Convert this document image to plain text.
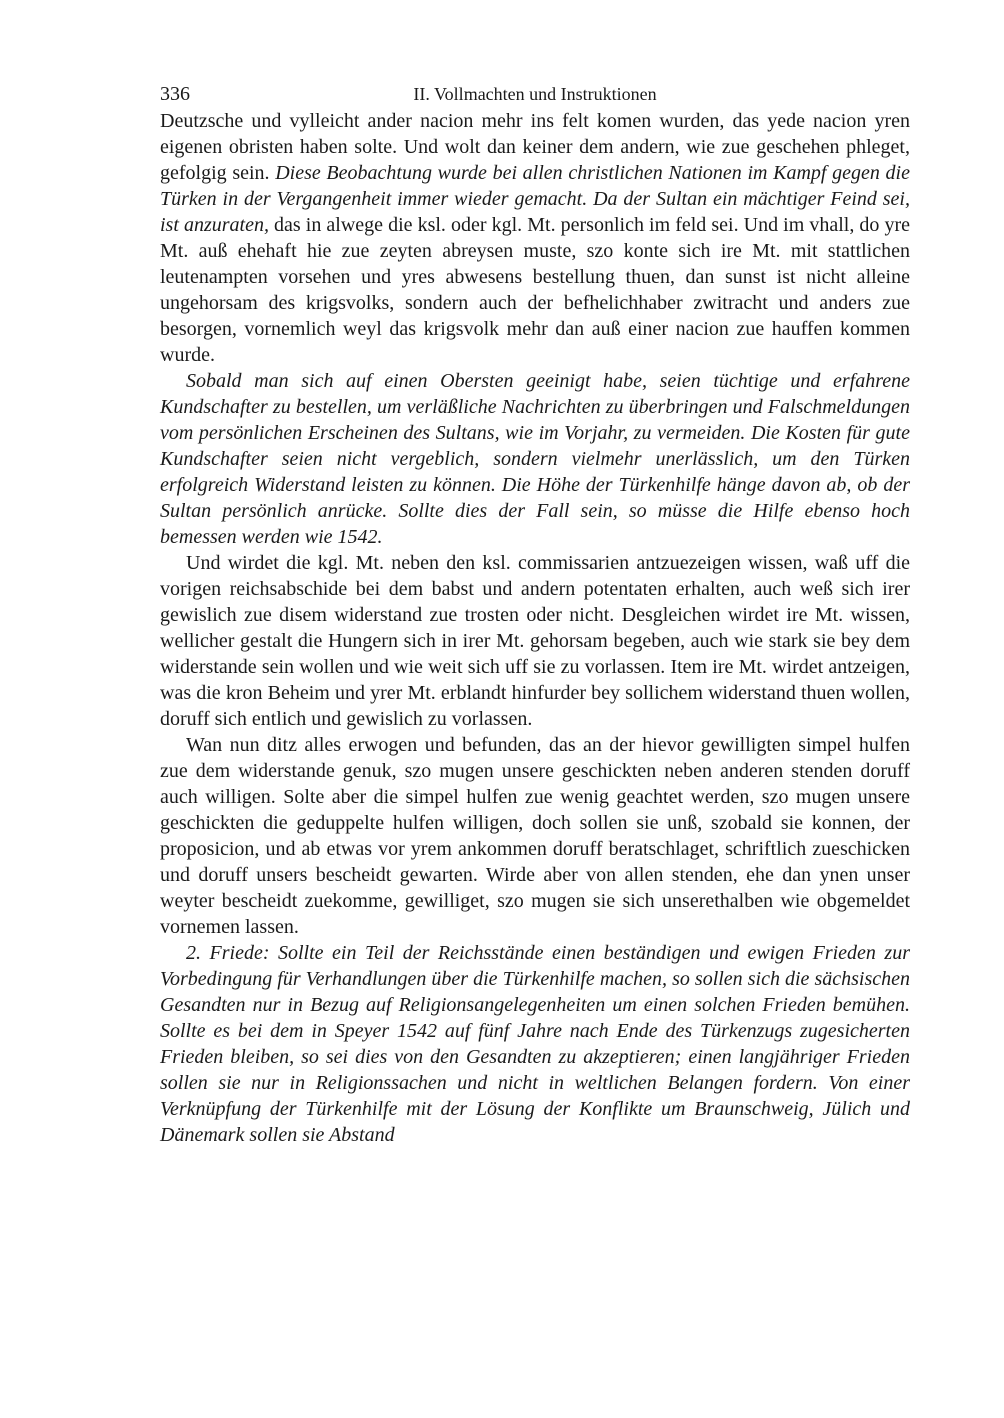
336	II. Vollmachten und Instruktionen

Deutzsche und vylleicht ander nacion mehr ins felt komen wurden, das yede nacion yren eigenen obristen haben solte. Und wolt dan keiner dem andern, wie zue geschehen phleget, gefolgig sein. Diese Beobachtung wurde bei allen christlichen Nationen im Kampf gegen die Türken in der Vergangenheit immer wieder gemacht. Da der Sultan ein mächtiger Feind sei, ist anzuraten, das in alwege die ksl. oder kgl. Mt. personlich im feld sei. Und im vhall, do yre Mt. auß ehehaft hie zue zeyten abreysen muste, szo konte sich ire Mt. mit stattlichen leutenampten vorsehen und yres abwesens bestellung thuen, dan sunst ist nicht alleine ungehorsam des krigsvolks, sondern auch der befhelichhaber zwitracht und anders zue besorgen, vornemlich weyl das krigsvolk mehr dan auß einer nacion zue hauffen kommen wurde.

Sobald man sich auf einen Obersten geeinigt habe, seien tüchtige und erfahrene Kundschafter zu bestellen, um verläßliche Nachrichten zu überbringen und Falschmeldungen vom persönlichen Erscheinen des Sultans, wie im Vorjahr, zu vermeiden. Die Kosten für gute Kundschafter seien nicht vergeblich, sondern vielmehr unerlässlich, um den Türken erfolgreich Widerstand leisten zu können. Die Höhe der Türkenhilfe hänge davon ab, ob der Sultan persönlich anrücke. Sollte dies der Fall sein, so müsse die Hilfe ebenso hoch bemessen werden wie 1542.

Und wirdet die kgl. Mt. neben den ksl. commissarien antzuezeigen wissen, waß uff die vorigen reichsabschide bei dem babst und andern potentaten erhalten, auch weß sich irer gewislich zue disem widerstand zue trosten oder nicht. Desgleichen wirdet ire Mt. wissen, wellicher gestalt die Hungern sich in irer Mt. gehorsam begeben, auch wie stark sie bey dem widerstande sein wollen und wie weit sich uff sie zu vorlassen. Item ire Mt. wirdet antzeigen, was die kron Beheim und yrer Mt. erblandt hinfurder bey sollichem widerstand thuen wollen, doruff sich entlich und gewislich zu vorlassen.

Wan nun ditz alles erwogen und befunden, das an der hievor gewilligten simpel hulfen zue dem widerstande genuk, szo mugen unsere geschickten neben anderen stenden doruff auch willigen. Solte aber die simpel hulfen zue wenig geachtet werden, szo mugen unsere geschickten die geduppelte hulfen willigen, doch sollen sie unß, szobald sie konnen, der proposicion, und ab etwas vor yrem ankommen doruff beratschlaget, schriftlich zueschicken und doruff unsers bescheidt gewarten. Wirde aber von allen stenden, ehe dan ynen unser weyter bescheidt zuekomme, gewilliget, szo mugen sie sich unserethalben wie obgemeldet vornemen lassen.

2. Friede: Sollte ein Teil der Reichsstände einen beständigen und ewigen Frieden zur Vorbedingung für Verhandlungen über die Türkenhilfe machen, so sollen sich die sächsischen Gesandten nur in Bezug auf Religionsangelegenheiten um einen solchen Frieden bemühen. Sollte es bei dem in Speyer 1542 auf fünf Jahre nach Ende des Türkenzugs zugesicherten Frieden bleiben, so sei dies von den Gesandten zu akzeptieren; einen langjähriger Frieden sollen sie nur in Religionssachen und nicht in weltlichen Belangen fordern. Von einer Verknüpfung der Türkenhilfe mit der Lösung der Konflikte um Braunschweig, Jülich und Dänemark sollen sie Abstand
